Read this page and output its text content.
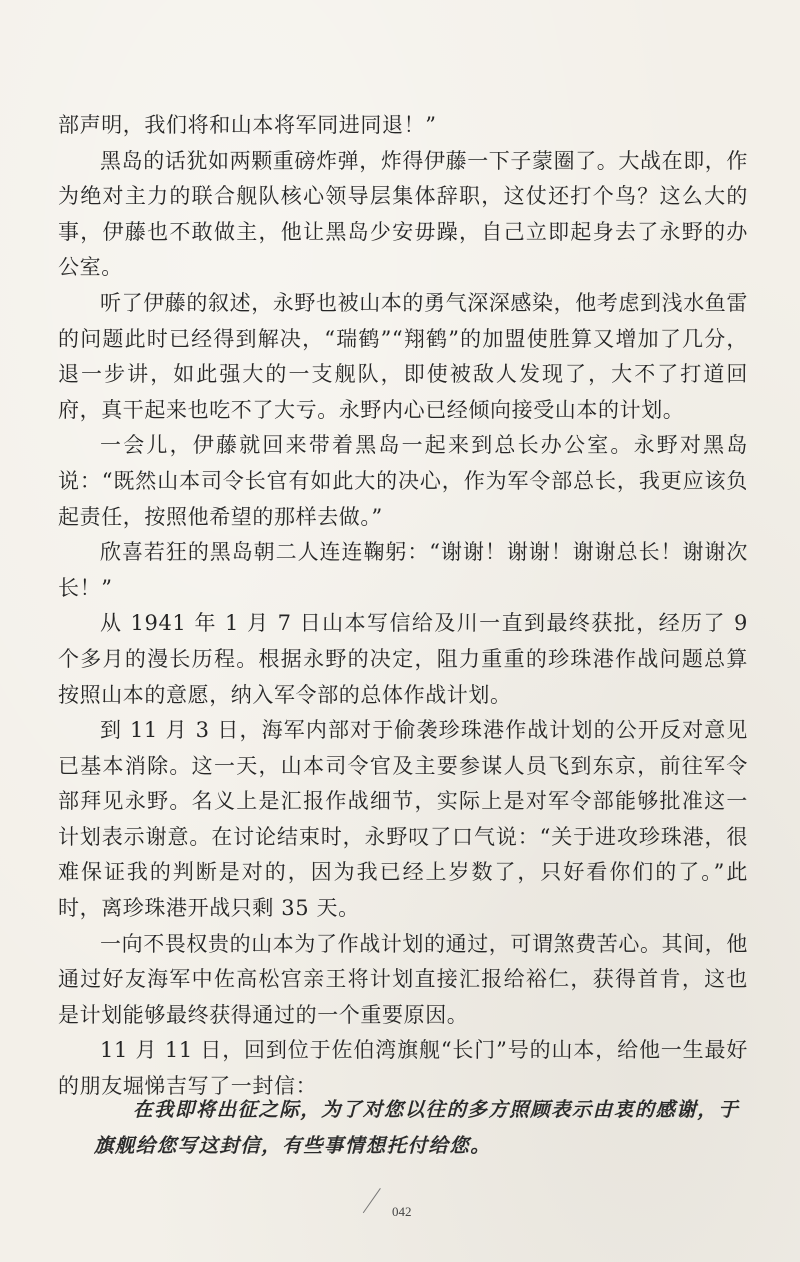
部声明，我们将和山本将军同进同退！”

黑岛的话犹如两颗重磅炸弹，炸得伊藤一下子蒙圈了。大战在即，作为绝对主力的联合舰队核心领导层集体辞职，这仗还打个鸟？这么大的事，伊藤也不敢做主，他让黑岛少安毋躁，自己立即起身去了永野的办公室。

听了伊藤的叙述，永野也被山本的勇气深深感染，他考虑到浅水鱼雷的问题此时已经得到解决，“瑞鹤”“翔鹤”的加盟使胜算又增加了几分，退一步讲，如此强大的一支舰队，即使被敌人发现了，大不了打道回府，真干起来也吃不了大亏。永野内心已经倾向接受山本的计划。

一会儿，伊藤就回来带着黑岛一起来到总长办公室。永野对黑岛说：“既然山本司令长官有如此大的决心，作为军令部总长，我更应该负起责任，按照他希望的那样去做。”

欣喜若狂的黑岛朝二人连连鞠躬：“谢谢！谢谢！谢谢总长！谢谢次长！”

从 1941 年 1 月 7 日山本写信给及川一直到最终获批，经历了 9 个多月的漫长历程。根据永野的决定，阻力重重的珍珠港作战问题总算按照山本的意愿，纳入军令部的总体作战计划。

到 11 月 3 日，海军内部对于偷袭珍珠港作战计划的公开反对意见已基本消除。这一天，山本司令官及主要参谋人员飞到东京，前往军令部拜见永野。名义上是汇报作战细节，实际上是对军令部能够批准这一计划表示谢意。在讨论结束时，永野叹了口气说：“关于进攻珍珠港，很难保证我的判断是对的，因为我已经上岁数了，只好看你们的了。”此时，离珍珠港开战只剩 35 天。

一向不畏权贵的山本为了作战计划的通过，可谓煞费苦心。其间，他通过好友海军中佐高松宫亲王将计划直接汇报给裕仁，获得首肯，这也是计划能够最终获得通过的一个重要原因。

11 月 11 日，回到位于佐伯湾旗舰“长门”号的山本，给他一生最好的朋友堀悌吉写了一封信：

在我即将出征之际，为了对您以往的多方照顾表示由衷的感谢，于旗舰给您写这封信，有些事情想托付给您。

042
